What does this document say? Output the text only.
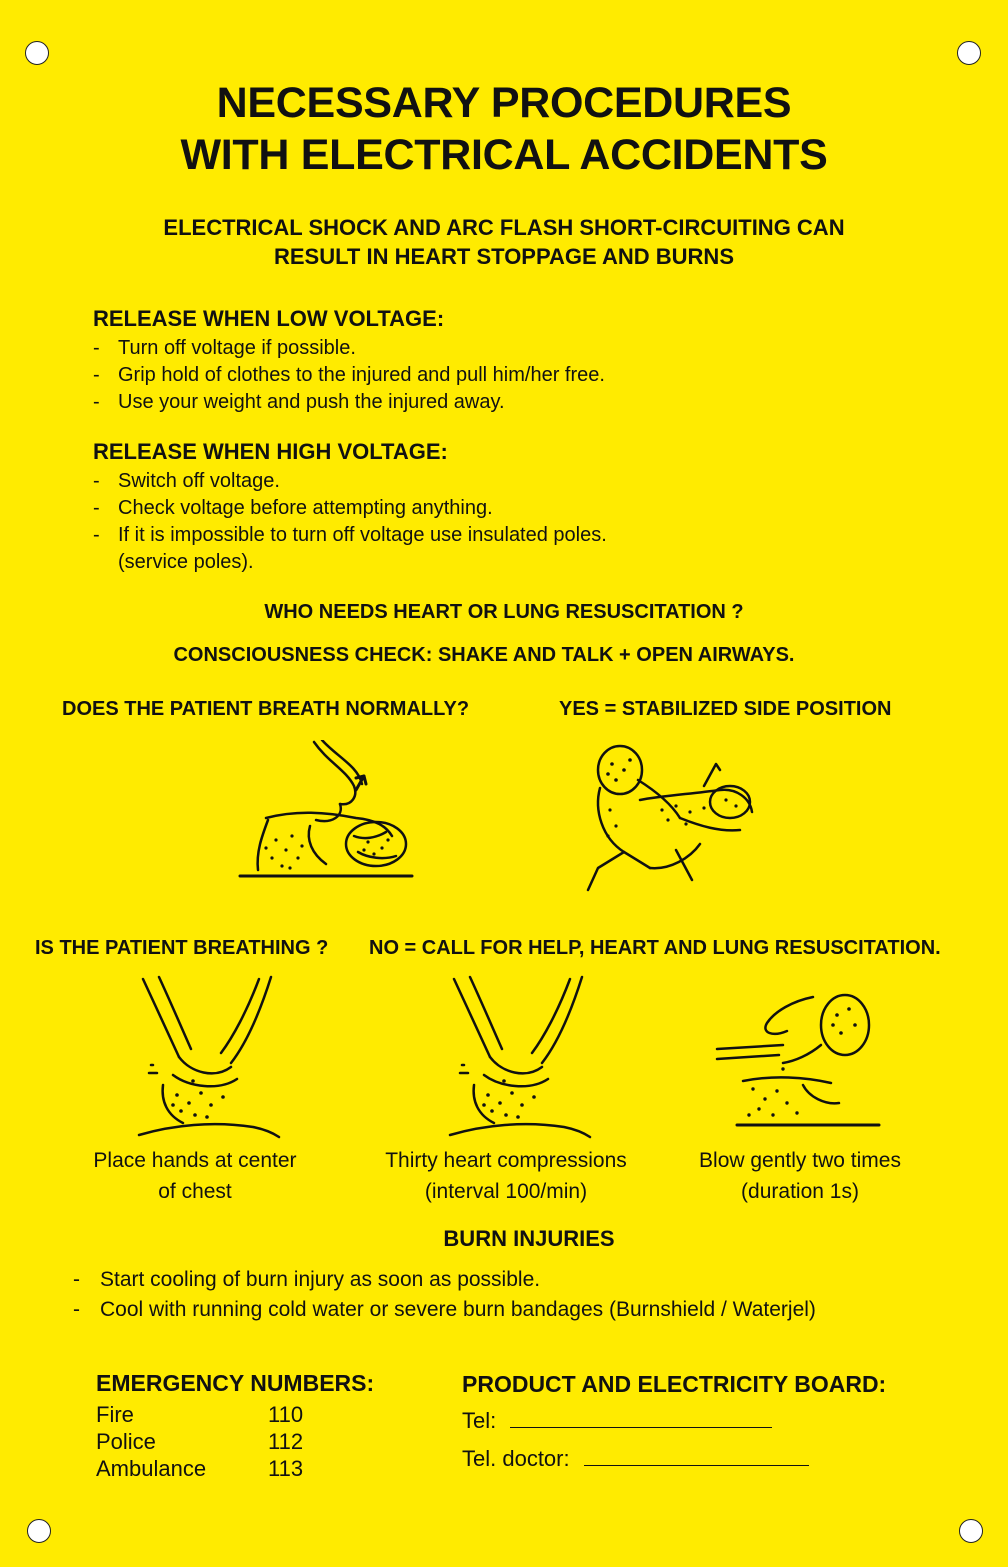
NECESSARY PROCEDURES
WITH ELECTRICAL ACCIDENTS
ELECTRICAL SHOCK AND ARC FLASH SHORT-CIRCUITING CAN
RESULT IN HEART STOPPAGE AND BURNS
RELEASE WHEN LOW VOLTAGE:
- Turn off voltage if possible.
- Grip hold of clothes to the injured and pull him/her free.
- Use your weight and push the injured away.
RELEASE WHEN HIGH VOLTAGE:
- Switch off voltage.
- Check voltage before attempting anything.
- If it is impossible to turn off voltage use insulated poles.
(service poles).
WHO NEEDS HEART OR LUNG RESUSCITATION ?
CONSCIOUSNESS CHECK: SHAKE AND TALK + OPEN AIRWAYS.
DOES THE PATIENT BREATH NORMALLY?	YES = STABILIZED SIDE POSITION
IS THE PATIENT BREATHING ? NO = CALL FOR HELP, HEART AND LUNG RESUSCITATION.
Place hands at center
of chest
Thirty heart compressions
(interval 100/min)
Blow gently two times
(duration 1s)
BURN INJURIES
- Start cooling of burn injury as soon as possible.
- Cool with running cold water or severe burn bandages (Burnshield / Waterjel)
EMERGENCY NUMBERS:
Fire	110
Police	112
Ambulance	113
PRODUCT AND ELECTRICITY BOARD:
Tel:
Tel. doctor:
